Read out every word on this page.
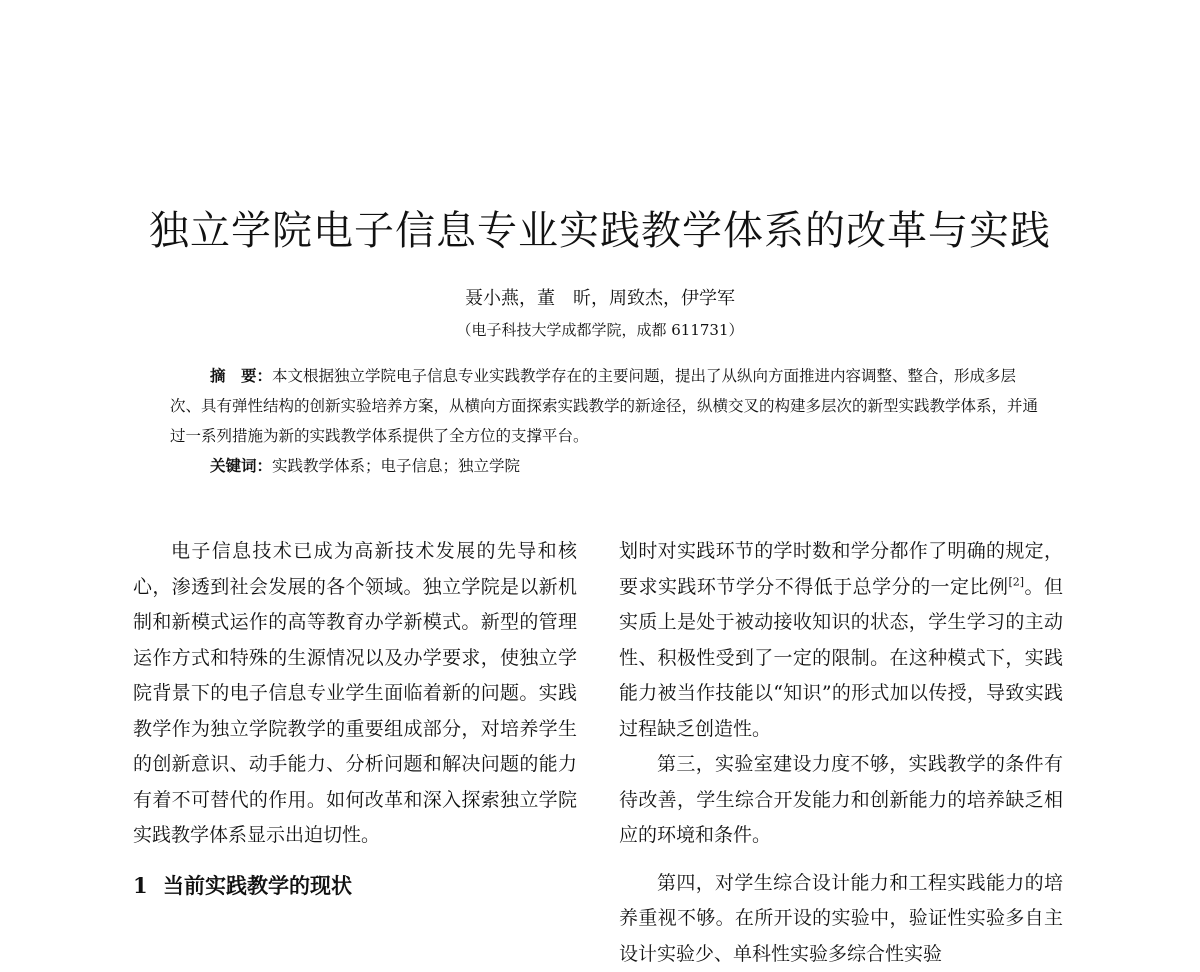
独立学院电子信息专业实践教学体系的改革与实践
聂小燕，董　昕，周致杰，伊学军
（电子科技大学成都学院，成都 611731）

摘　要：本文根据独立学院电子信息专业实践教学存在的主要问题，提出了从纵向方面推进内容调整、整合，形成多层次、具有弹性结构的创新实验培养方案，从横向方面探索实践教学的新途径，纵横交叉的构建多层次的新型实践教学体系，并通过一系列措施为新的实践教学体系提供了全方位的支撑平台。

关键词：实践教学体系；电子信息；独立学院

电子信息技术已成为高新技术发展的先导和核心，渗透到社会发展的各个领域。独立学院是以新机制和新模式运作的高等教育办学新模式。新型的管理运作方式和特殊的生源情况以及办学要求，使独立学院背景下的电子信息专业学生面临着新的问题。实践教学作为独立学院教学的重要组成部分，对培养学生的创新意识、动手能力、分析问题和解决问题的能力有着不可替代的作用。如何改革和深入探索独立学院实践教学体系显示出迫切性。

1 当前实践教学的现状

划时对实践环节的学时数和学分都作了明确的规定，要求实践环节学分不得低于总学分的一定比例[2]。但实质上是处于被动接收知识的状态，学生学习的主动性、积极性受到了一定的限制。在这种模式下，实践能力被当作技能以“知识”的形式加以传授，导致实践过程缺乏创造性。

第三，实验室建设力度不够，实践教学的条件有待改善，学生综合开发能力和创新能力的培养缺乏相应的环境和条件。

第四，对学生综合设计能力和工程实践能力的培养重视不够。在所开设的实验中，验证性实验多自主设计实验少、单科性实验多综合性实验
